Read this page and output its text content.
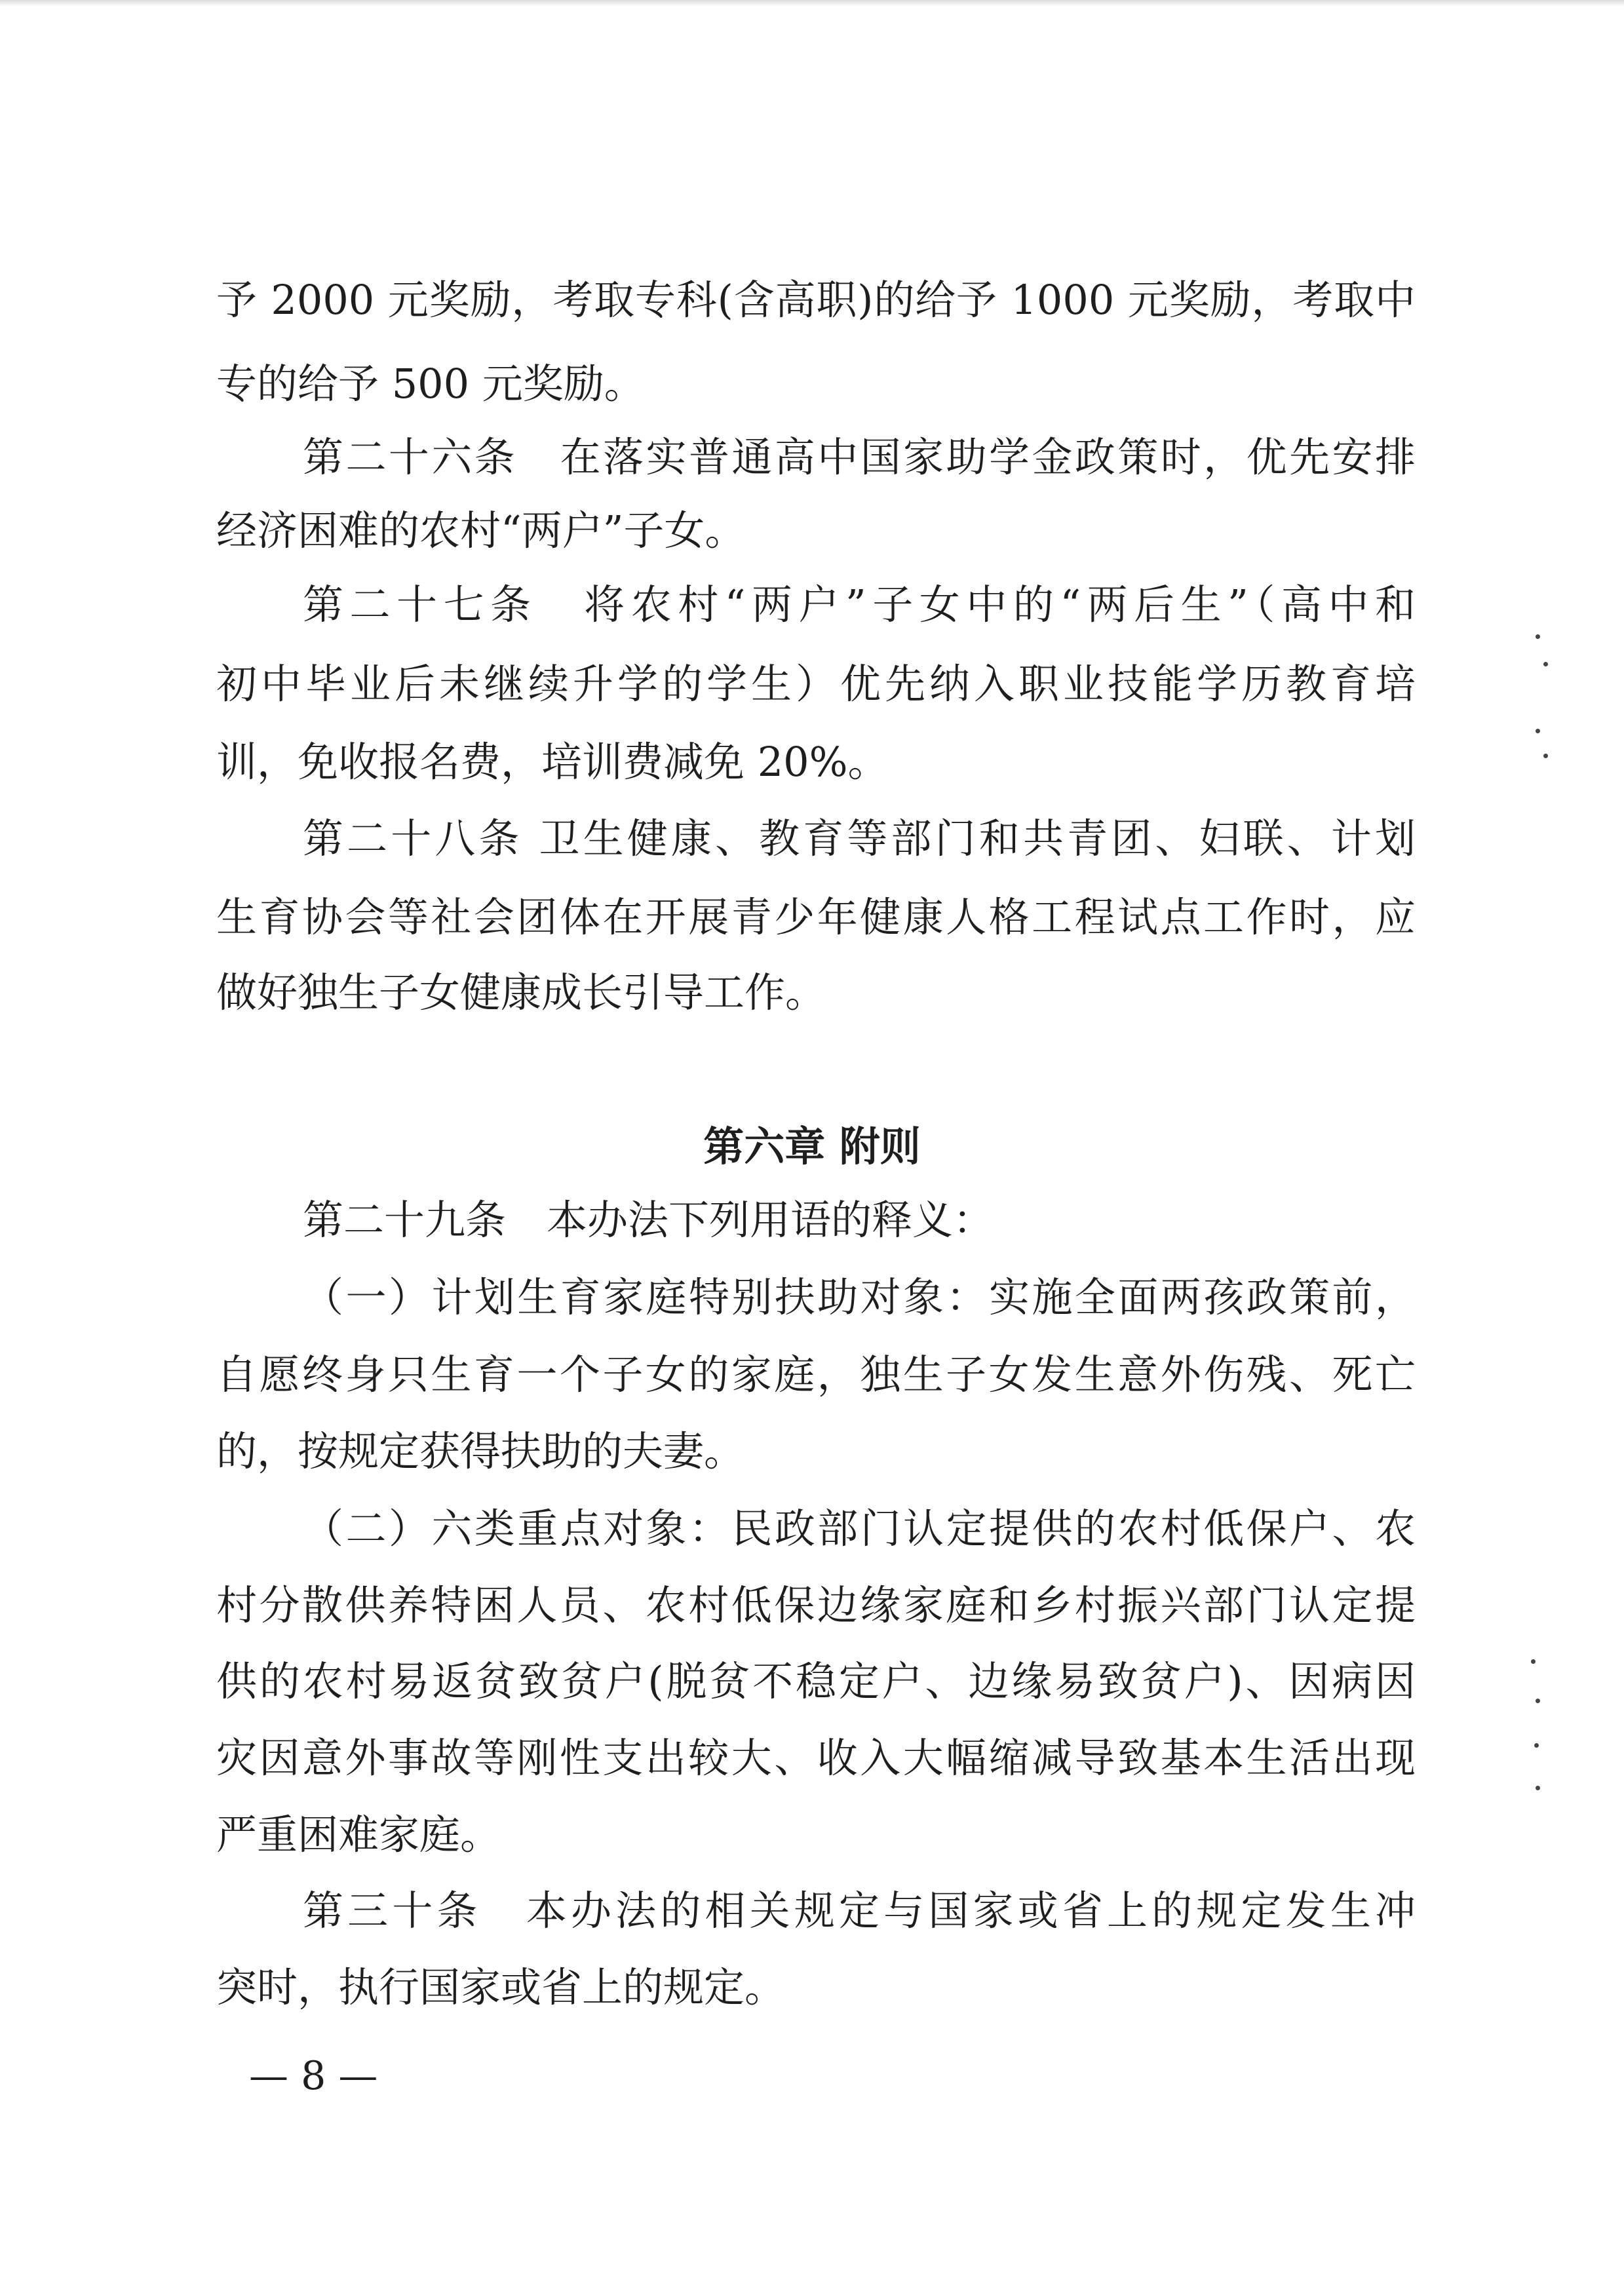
予 2000 元奖励，考取专科(含高职)的给予 1000 元奖励，考取中
专的给予 500 元奖励。
第二十六条　在落实普通高中国家助学金政策时，优先安排
经济困难的农村“两户”子女。
第二十七条　将农村“两户”子女中的“两后生”（高中和
初中毕业后未继续升学的学生）优先纳入职业技能学历教育培
训，免收报名费，培训费减免 20%。
第二十八条 卫生健康、教育等部门和共青团、妇联、计划
生育协会等社会团体在开展青少年健康人格工程试点工作时，应
做好独生子女健康成长引导工作。
第六章 附则
第二十九条　本办法下列用语的释义：
（一）计划生育家庭特别扶助对象：实施全面两孩政策前，
自愿终身只生育一个子女的家庭，独生子女发生意外伤残、死亡
的，按规定获得扶助的夫妻。
（二）六类重点对象：民政部门认定提供的农村低保户、农
村分散供养特困人员、农村低保边缘家庭和乡村振兴部门认定提
供的农村易返贫致贫户(脱贫不稳定户、边缘易致贫户)、因病因
灾因意外事故等刚性支出较大、收入大幅缩减导致基本生活出现
严重困难家庭。
第三十条　本办法的相关规定与国家或省上的规定发生冲
突时，执行国家或省上的规定。
— 8 —
